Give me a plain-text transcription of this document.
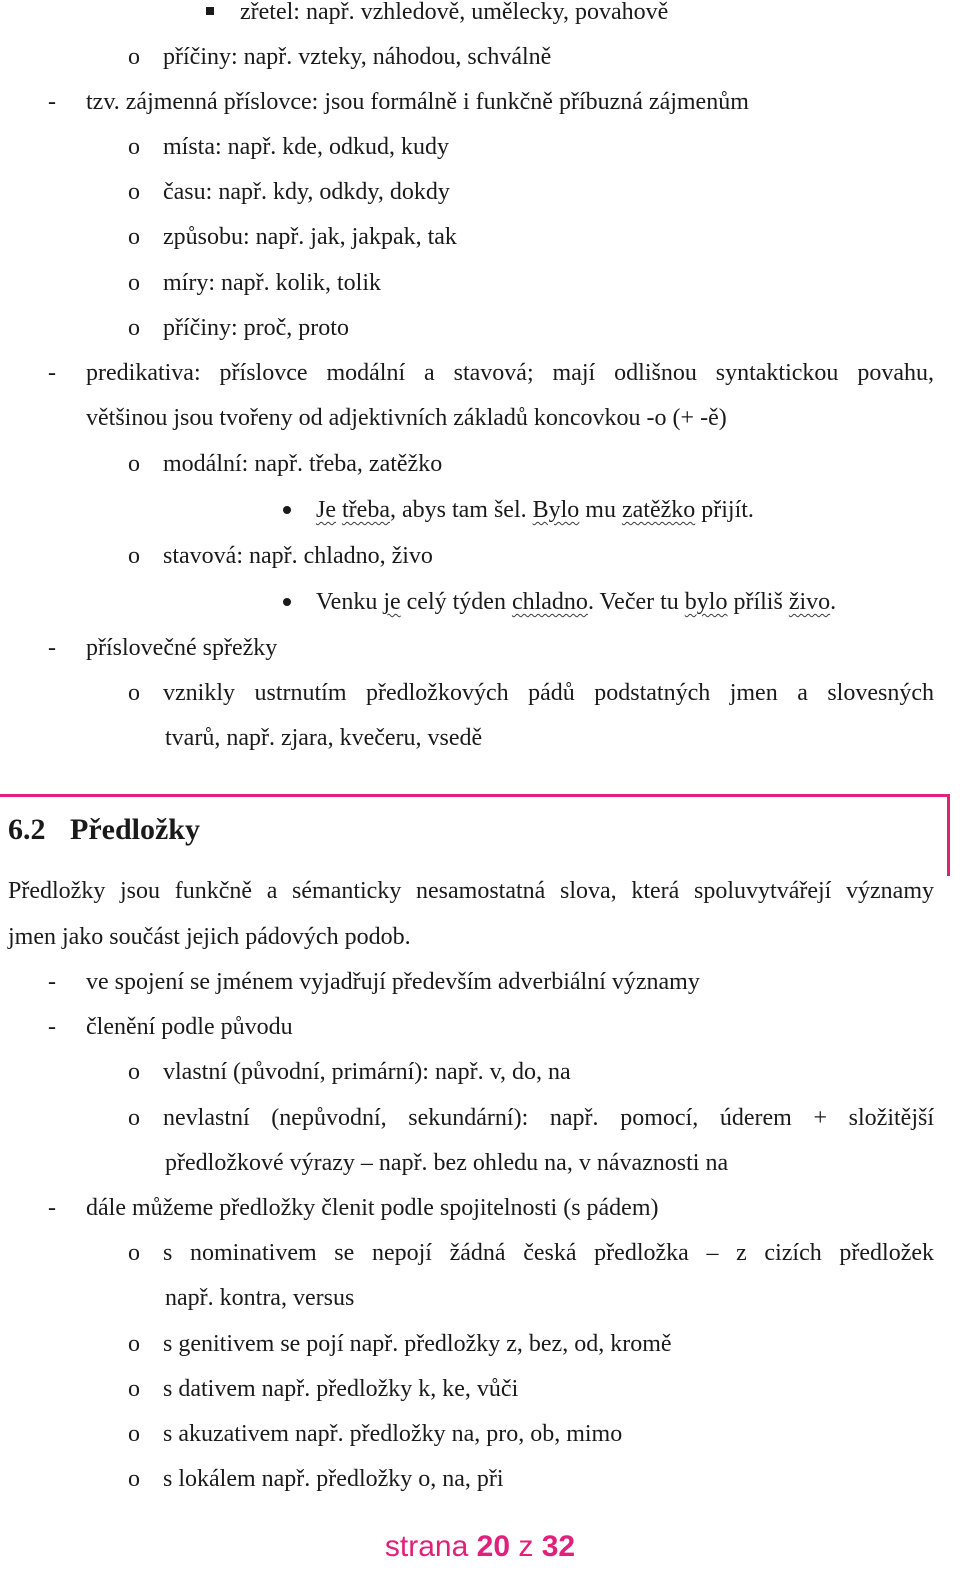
zřetel: např. vzhledově, umělecky, povahově
o příčiny: např. vzteky, náhodou, schválně
- tzv. zájmenná příslovce: jsou formálně i funkčně příbuzná zájmenům
o místa: např. kde, odkud, kudy
o času: např. kdy, odkdy, dokdy
o způsobu: např. jak, jakpak, tak
o míry: např. kolik, tolik
o příčiny: proč, proto
- predikativa: příslovce modální a stavová; mají odlišnou syntaktickou povahu,
většinou jsou tvořeny od adjektivních základů koncovkou -o (+ -ě)
o modální: např. třeba, zatěžko
Je třeba, abys tam šel. Bylo mu zatěžko přijít.
o stavová: např. chladno, živo
Venku je celý týden chladno. Večer tu bylo příliš živo.
- příslovečné spřežky
o vznikly ustrnutím předložkových pádů podstatných jmen a slovesných
tvarů, např. zjara, kvečeru, vsedě
6.2 Předložky
Předložky jsou funkčně a sémanticky nesamostatná slova, která spoluvytvářejí významy
jmen jako součást jejich pádových podob.
- ve spojení se jménem vyjadřují především adverbiální významy
- členění podle původu
o vlastní (původní, primární): např. v, do, na
o nevlastní (nepůvodní, sekundární): např. pomocí, úderem + složitější
předložkové výrazy – např. bez ohledu na, v návaznosti na
- dále můžeme předložky členit podle spojitelnosti (s pádem)
o s nominativem se nepojí žádná česká předložka – z cizích předložek
např. kontra, versus
o s genitivem se pojí např. předložky z, bez, od, kromě
o s dativem např. předložky k, ke, vůči
o s akuzativem např. předložky na, pro, ob, mimo
o s lokálem např. předložky o, na, při
strana 20 z 32
